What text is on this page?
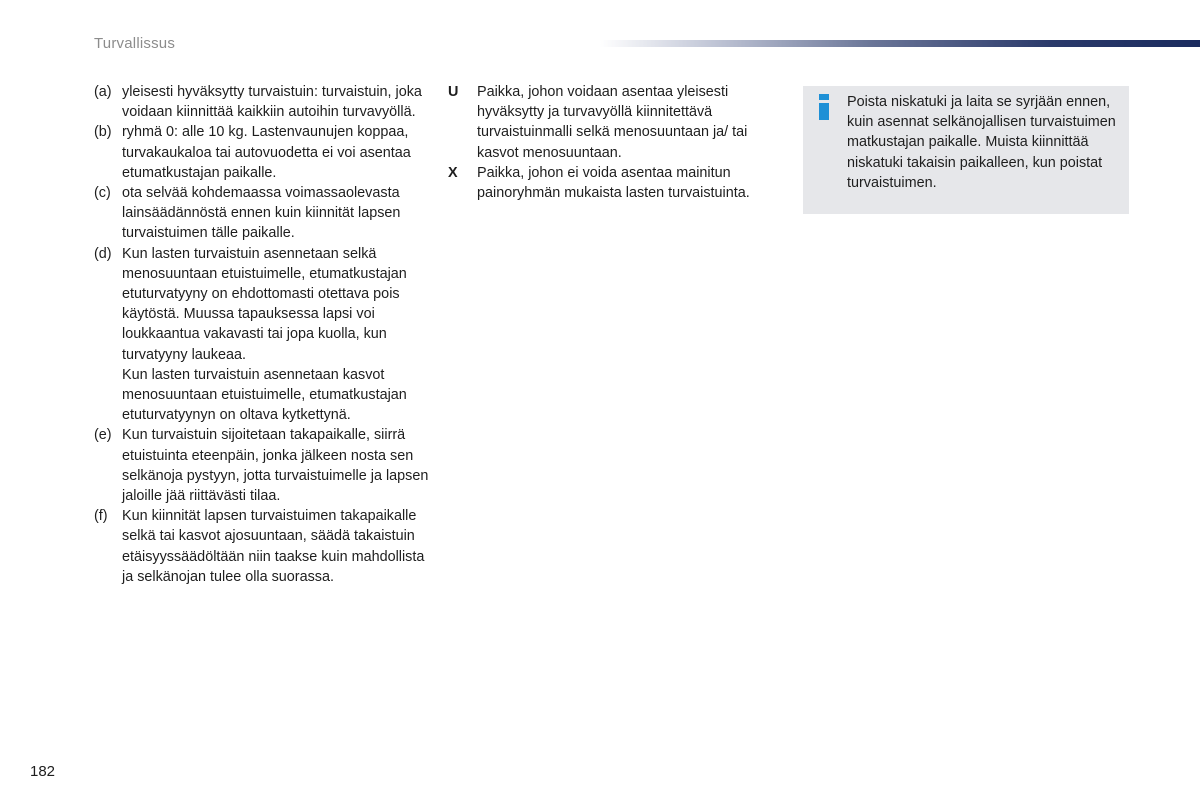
Turvallissus
(a) yleisesti hyväksytty turvaistuin: turvaistuin, joka voidaan kiinnittää kaikkiin autoihin turvavyöllä.
(b) ryhmä 0: alle 10 kg. Lastenvaunujen koppaa, turvakaukaloa tai autovuodetta ei voi asentaa etumatkustajan paikalle.
(c) ota selvää kohdemaassa voimassaolevasta lainsäädännöstä ennen kuin kiinnität lapsen turvaistuimen tälle paikalle.
(d) Kun lasten turvaistuin asennetaan selkä menosuuntaan etuistuimelle, etumatkustajan etuturvatyyny on ehdottomasti otettava pois käytöstä. Muussa tapauksessa lapsi voi loukkaantua vakavasti tai jopa kuolla, kun turvatyyny laukeaa.
Kun lasten turvaistuin asennetaan kasvot menosuuntaan etuistuimelle, etumatkustajan etuturvatyynyn on oltava kytkettynä.
(e) Kun turvaistuin sijoitetaan takapaikalle, siirrä etuistuinta eteenpäin, jonka jälkeen nosta sen selkänoja pystyyn, jotta turvaistuimelle ja lapsen jaloille jää riittävästi tilaa.
(f)	Kun kiinnität lapsen turvaistuimen takapaikalle selkä tai kasvot ajosuuntaan, säädä takaistuin etäisyyssäädöltään niin taakse kuin mahdollista ja selkänojan tulee olla suorassa.
U Paikka, johon voidaan asentaa yleisesti hyväksytty ja turvavyöllä kiinnitettävä turvaistuinmalli selkä menosuuntaan ja/ tai kasvot menosuuntaan.
X Paikka, johon ei voida asentaa mainitun painoryhmän mukaista lasten turvaistuinta.
Poista niskatuki ja laita se syrjään ennen, kuin asennat selkänojallisen turvaistuimen matkustajan paikalle. Muista kiinnittää niskatuki takaisin paikalleen, kun poistat turvaistuimen.
182
